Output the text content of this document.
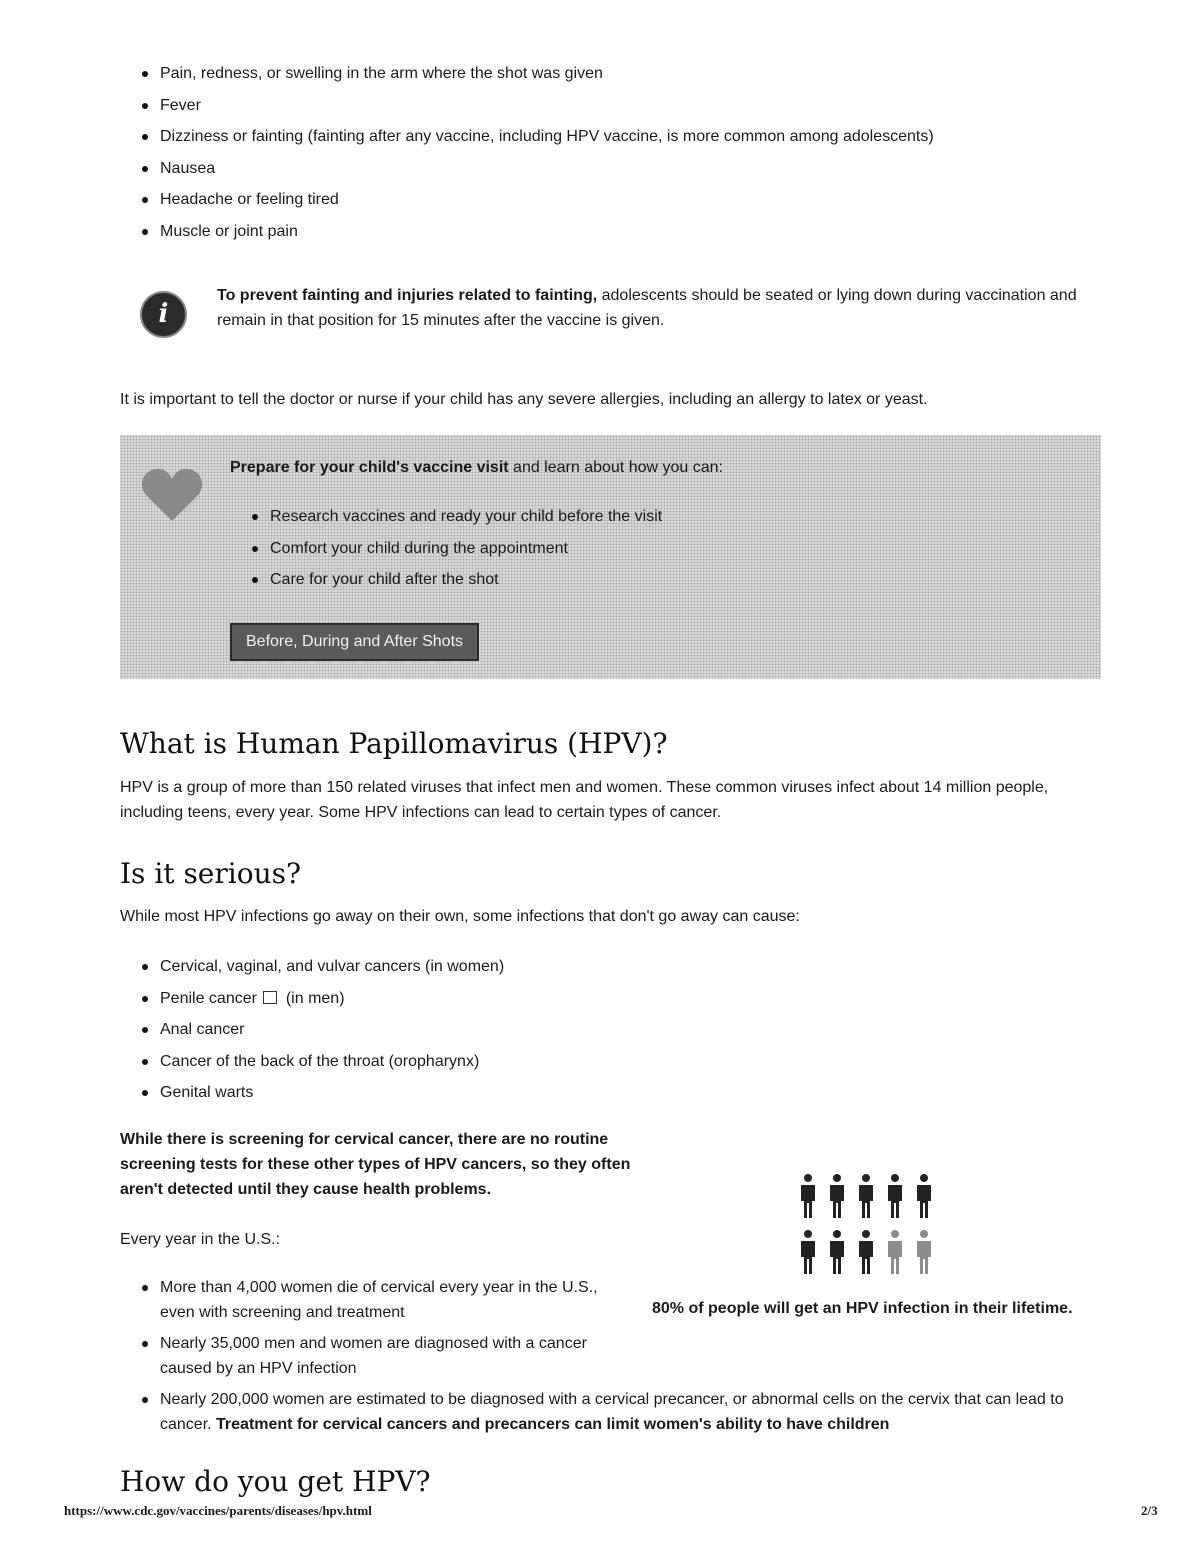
Pain, redness, or swelling in the arm where the shot was given
Fever
Dizziness or fainting (fainting after any vaccine, including HPV vaccine, is more common among adolescents)
Nausea
Headache or feeling tired
Muscle or joint pain
i

To prevent fainting and injuries related to fainting, adolescents should be seated or lying down during vaccination and remain in that position for 15 minutes after the vaccine is given.

It is important to tell the doctor or nurse if your child has any severe allergies, including an allergy to latex or yeast.

Prepare for your child's vaccine visit and learn about how you can:

Research vaccines and ready your child before the visit
Comfort your child during the appointment
Care for your child after the shot
Before, During and After Shots
What is Human Papillomavirus (HPV)?

HPV is a group of more than 150 related viruses that infect men and women. These common viruses infect about 14 million people, including teens, every year. Some HPV infections can lead to certain types of cancer.

Is it serious?

While most HPV infections go away on their own, some infections that don't go away can cause:

Cervical, vaginal, and vulvar cancers (in women)
Penile cancer  (in men)
Anal cancer
Cancer of the back of the throat (oropharynx)
Genital warts

While there is screening for cervical cancer, there are no routine screening tests for these other types of HPV cancers, so they often aren't detected until they cause health problems.

Every year in the U.S.:

More than 4,000 women die of cervical every year in the U.S., even with screening and treatment
Nearly 35,000 men and women are diagnosed with a cancer caused by an HPV infection
Nearly 200,000 women are estimated to be diagnosed with a cervical precancer, or abnormal cells on the cervix that can lead to cancer. Treatment for cervical cancers and precancers can limit women's ability to have children

80% of people will get an HPV infection in their lifetime.

How do you get HPV?
https://www.cdc.gov/vaccines/parents/diseases/hpv.html	2/3
